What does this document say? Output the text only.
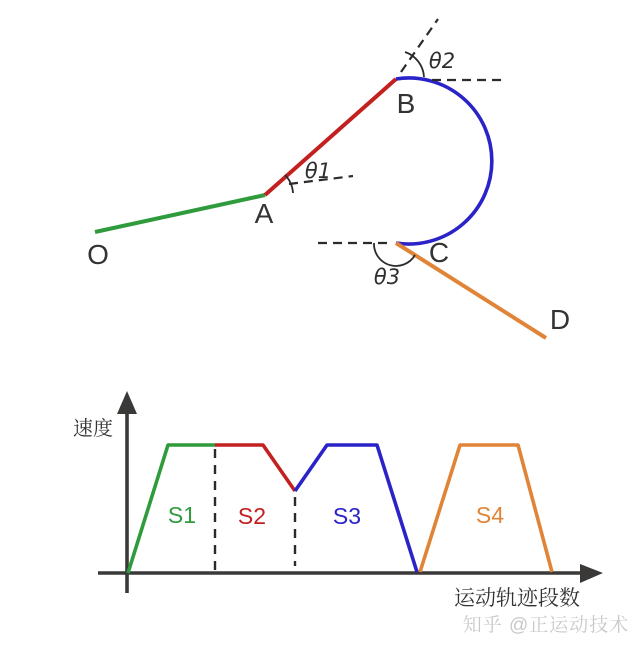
O
A
B
C
D
θ1
θ2
θ3
S1 S2	S3	S4
速度
运动轨迹段数
知乎 @正运动技术
